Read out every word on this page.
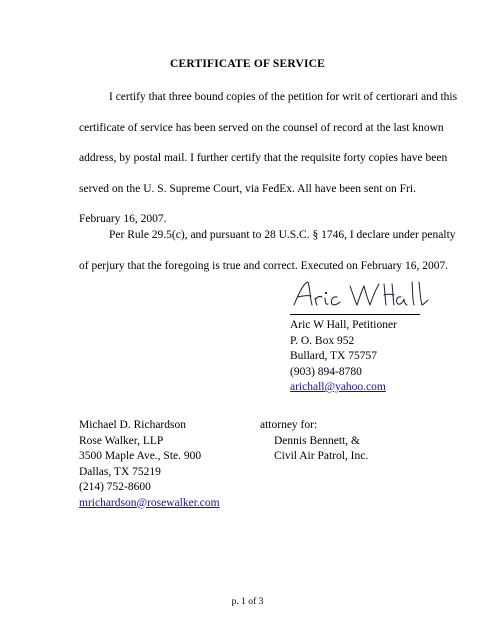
CERTIFICATE OF SERVICE
I certify that three bound copies of the petition for writ of certiorari and this
certificate of service has been served on the counsel of record at the last known
address, by postal mail. I further certify that the requisite forty copies have been
served on the U. S. Supreme Court, via FedEx. All have been sent on Fri.
February 16, 2007.
Per Rule 29.5(c), and pursuant to 28 U.S.C. § 1746, I declare under penalty
of perjury that the foregoing is true and correct. Executed on February 16, 2007.
Aric W Hall, Petitioner
P. O. Box 952
Bullard, TX 75757
(903) 894-8780
arichall@yahoo.com
Michael D. Richardson
Rose Walker, LLP
3500 Maple Ave., Ste. 900
Dallas, TX 75219
(214) 752-8600
mrichardson@rosewalker.com
attorney for:
Dennis Bennett, &
Civil Air Patrol, Inc.
p. 1 of 3
